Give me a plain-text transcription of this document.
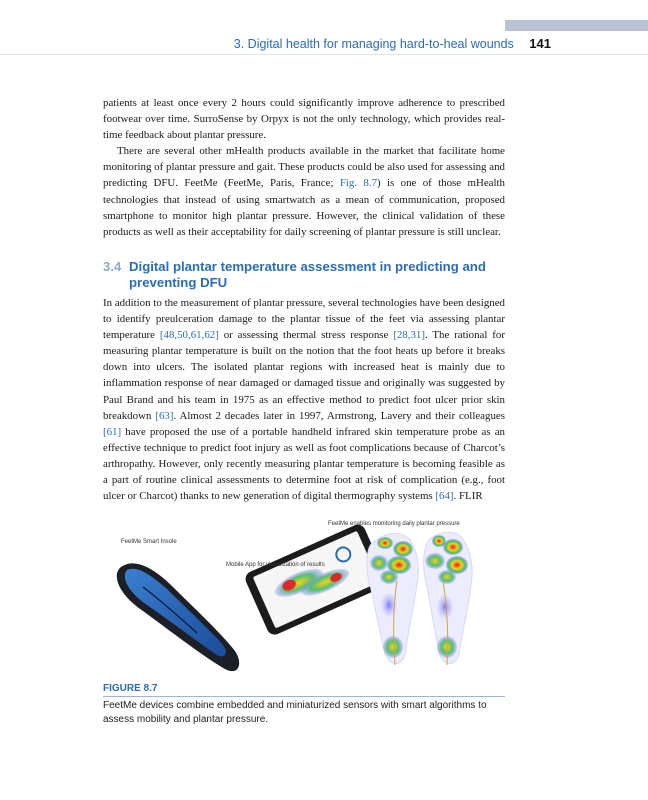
3. Digital health for managing hard-to-heal wounds 141

patients at least once every 2 hours could significantly improve adherence to prescribed footwear over time. SurroSense by Orpyx is not the only technology, which provides real-time feedback about plantar pressure.

There are several other mHealth products available in the market that facilitate home monitoring of plantar pressure and gait. These products could be also used for assessing and predicting DFU. FeetMe (FeetMe, Paris, France; Fig. 8.7) is one of those mHealth technologies that instead of using smartwatch as a mean of communication, proposed smartphone to monitor high plantar pressure. However, the clinical validation of these products as well as their acceptability for daily screening of plantar pressure is still unclear.

3.4 Digital plantar temperature assessment in predicting and
preventing DFU

In addition to the measurement of plantar pressure, several technologies have been designed to identify preulceration damage to the plantar tissue of the feet via assessing plantar temperature [48,50,61,62] or assessing thermal stress response [28,31]. The rational for measuring plantar temperature is built on the notion that the foot heats up before it breaks down into ulcers. The isolated plantar regions with increased heat is mainly due to inflammation response of near damaged or damaged tissue and originally was suggested by Paul Brand and his team in 1975 as an effective method to predict foot ulcer prior skin breakdown [63]. Almost 2 decades later in 1997, Armstrong, Lavery and their colleagues [61] have proposed the use of a portable handheld infrared skin temperature probe as an effective technique to predict foot injury as well as foot complications because of Charcot’s arthropathy. However, only recently measuring plantar temperature is becoming feasible as a part of routine clinical assessments to determine foot at risk of complication (e.g., foot ulcer or Charcot) thanks to new generation of digital thermography systems [64]. FLIR

FeetMe enables monitoring daily plantar pressure
FeetMe Smart Insole
Mobile App for visualization of results
FIGURE 8.7
FeetMe devices combine embedded and miniaturized sensors with smart algorithms to assess mobility and plantar pressure.
